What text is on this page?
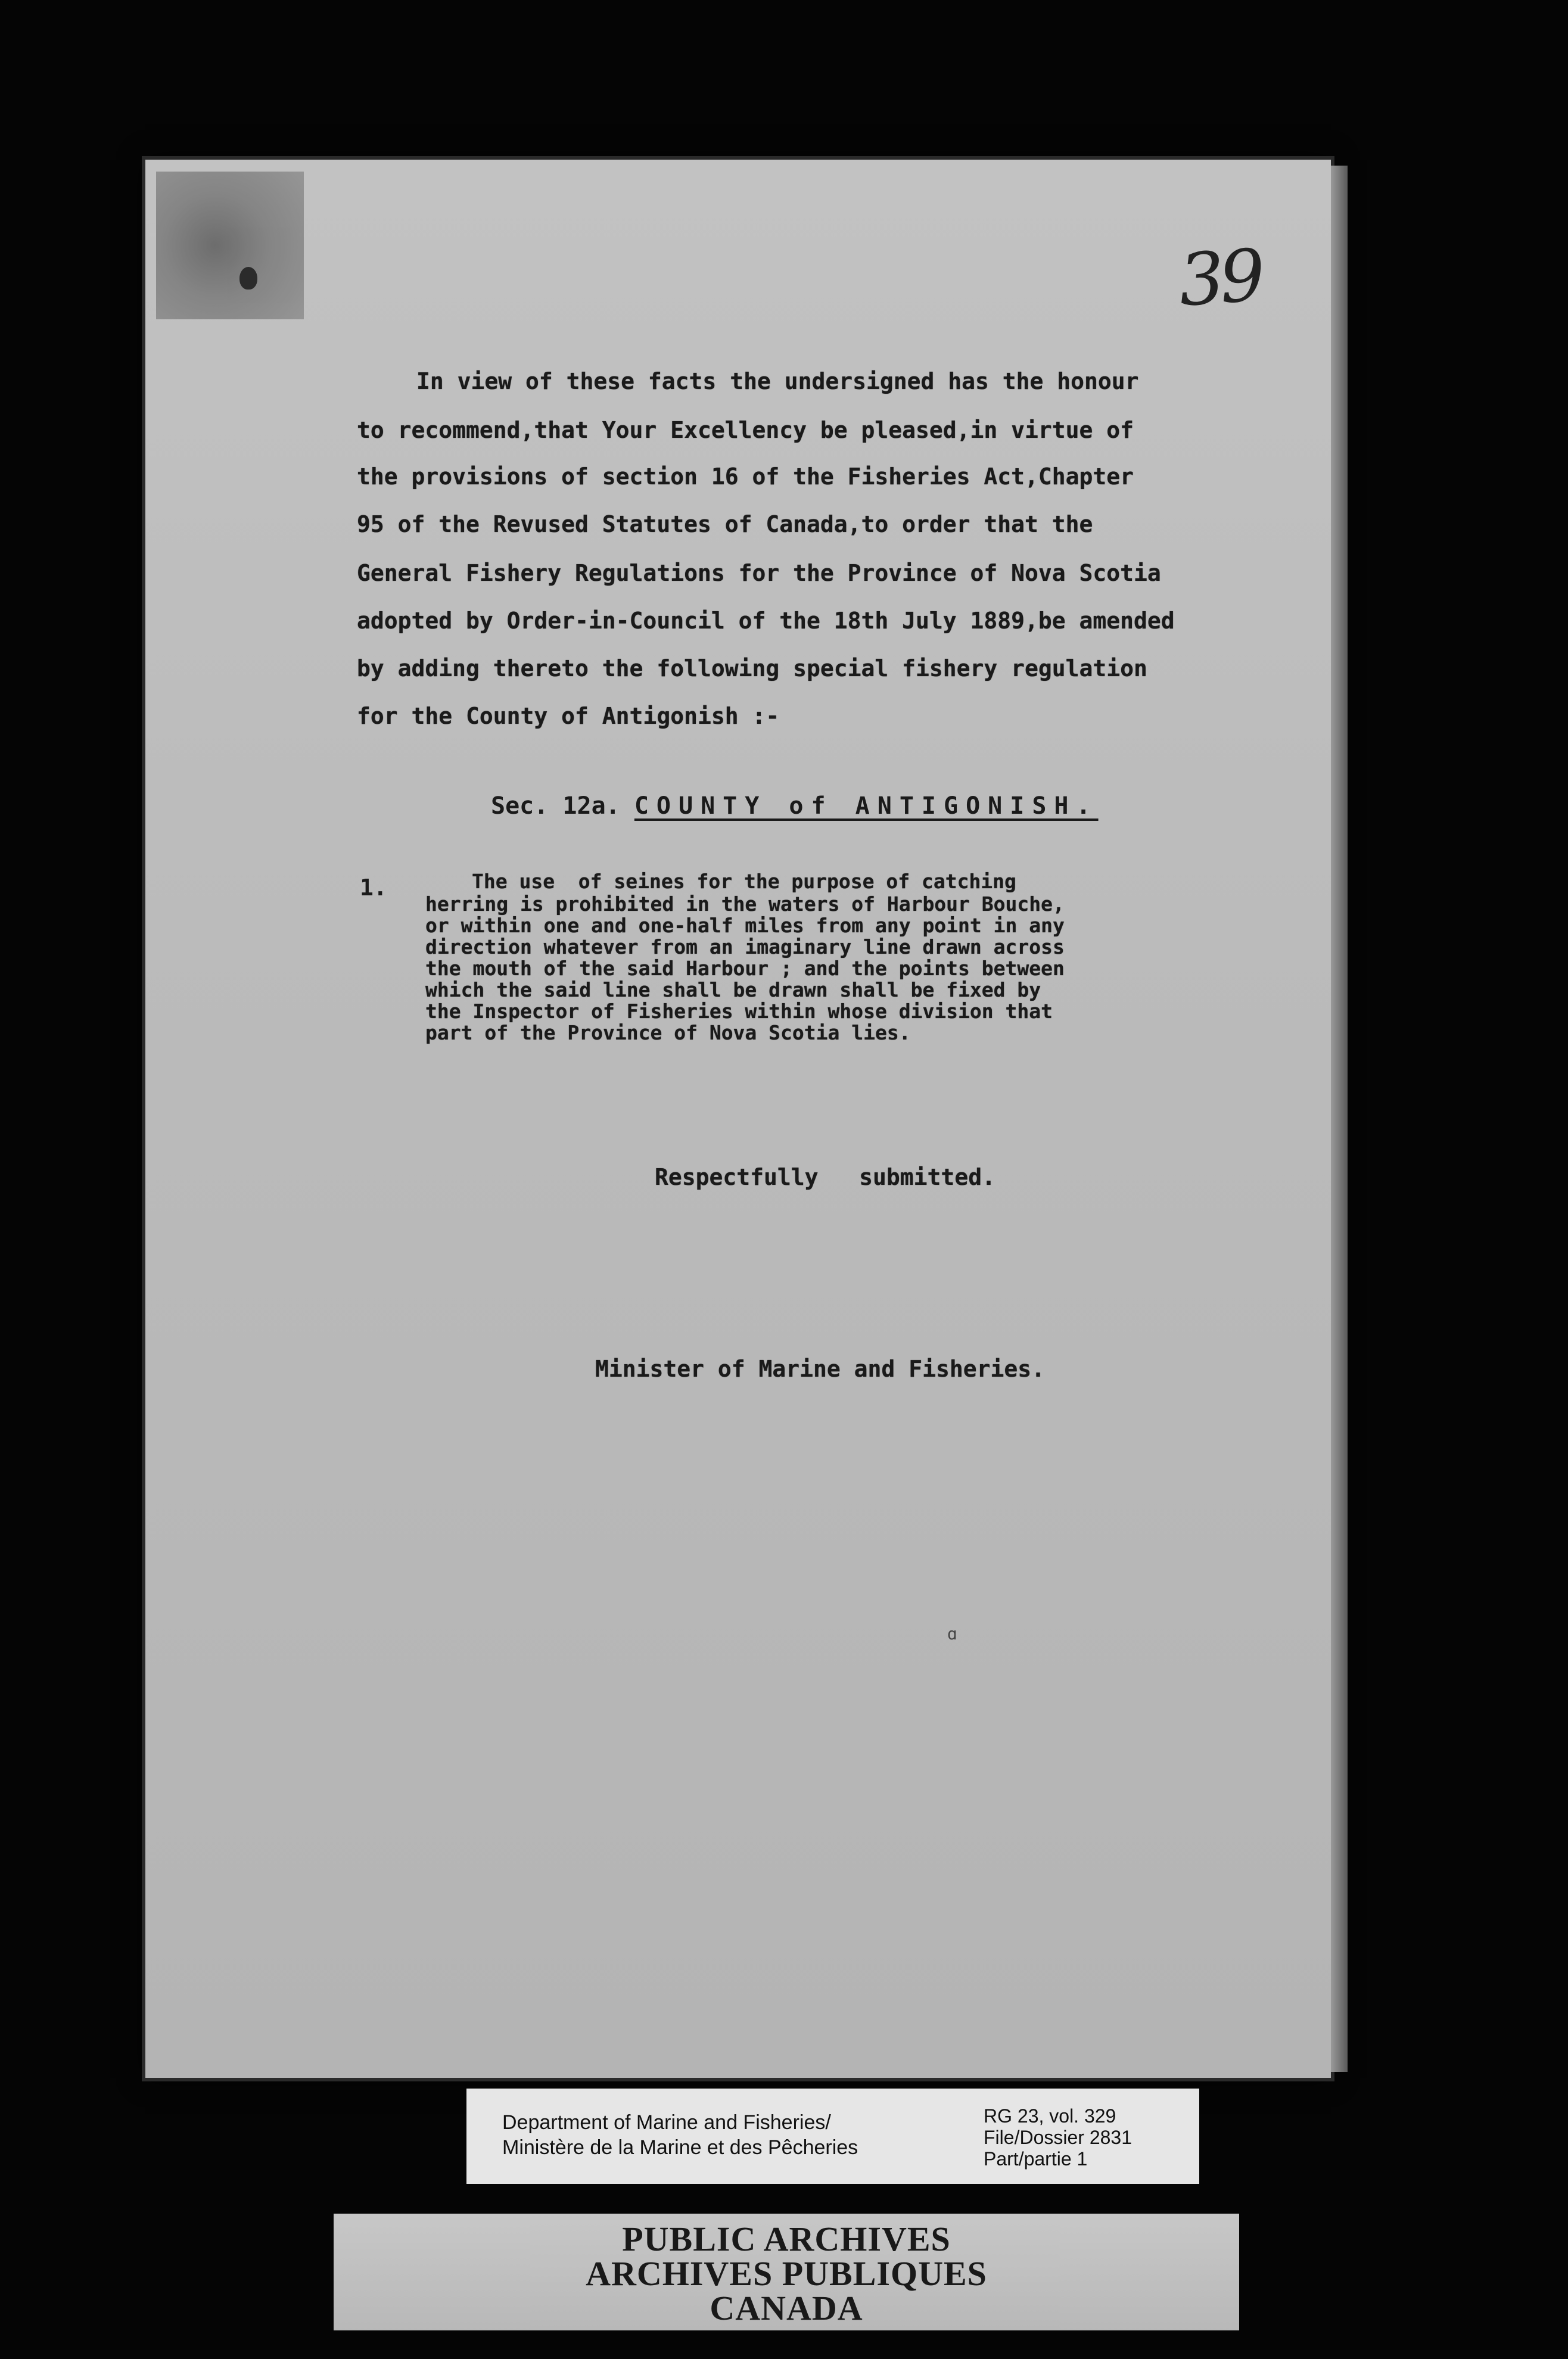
39
In view of these facts the undersigned has the honour
to recommend,that Your Excellency be pleased,in virtue of
the provisions of section 16 of the Fisheries Act,Chapter
95 of the Revused Statutes of Canada,to order that the
General Fishery Regulations for the Province of Nova Scotia
adopted by Order-in-Council of the 18th July 1889,be amended
by adding thereto the following special fishery regulation
for the County of Antigonish :-
Sec. 12a. COUNTY of ANTIGONISH.
1.	The use  of seines for the purpose of catching
herring is prohibited in the waters of Harbour Bouche,
or within one and one-half miles from any point in any
direction whatever from an imaginary line drawn across
the mouth of the said Harbour ; and the points between
which the said line shall be drawn shall be fixed by
the Inspector of Fisheries within whose division that
part of the Province of Nova Scotia lies.
Respectfully   submitted.
Minister of Marine and Fisheries.
ɑ
Department of Marine and Fisheries/
Ministère de la Marine et des Pêcheries
RG 23, vol. 329
File/Dossier 2831
Part/partie 1
PUBLIC ARCHIVES
ARCHIVES PUBLIQUES
CANADA
